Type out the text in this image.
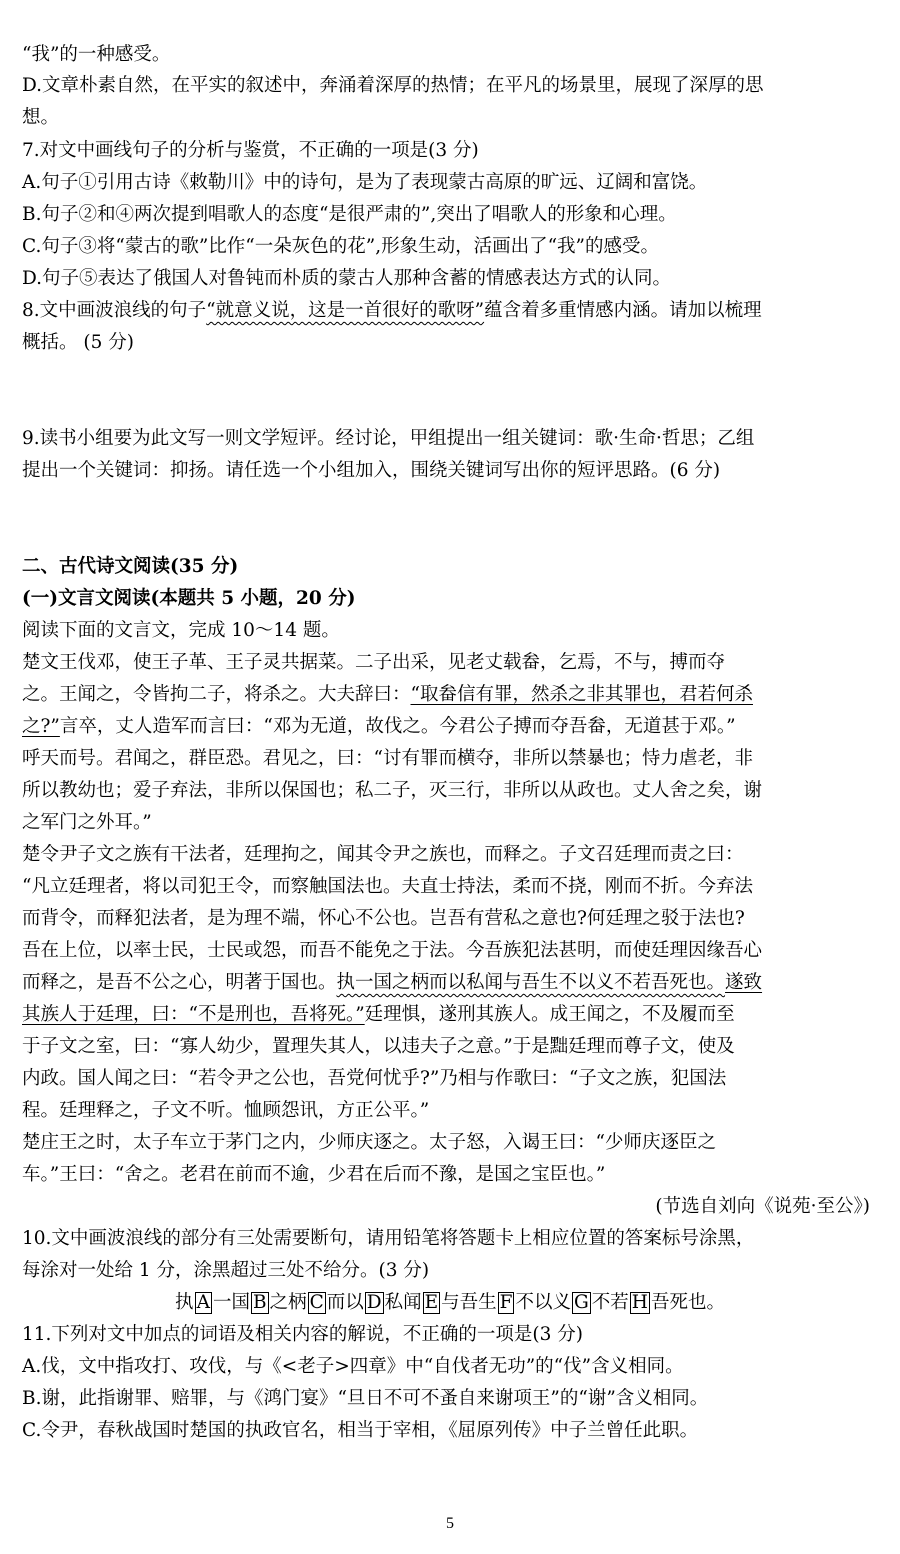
“我”的一种感受。
D.文章朴素自然，在平实的叙述中，奔涌着深厚的热情；在平凡的场景里，展现了深厚的思
想。
7.对文中画线句子的分析与鉴赏，不正确的一项是(3 分)
A.句子①引用古诗《敕勒川》中的诗句，是为了表现蒙古高原的旷远、辽阔和富饶。
B.句子②和④两次提到唱歌人的态度“是很严肃的”,突出了唱歌人的形象和心理。
C.句子③将“蒙古的歌”比作“一朵灰色的花”,形象生动，活画出了“我”的感受。
D.句子⑤表达了俄国人对鲁钝而朴质的蒙古人那种含蓄的情感表达方式的认同。
8.文中画波浪线的句子“就意义说，这是一首很好的歌呀”蕴含着多重情感内涵。请加以梳理
概括。 (5 分)
9.读书小组要为此文写一则文学短评。经讨论，甲组提出一组关键词：歌·生命·哲思；乙组
提出一个关键词：抑扬。请任选一个小组加入，围绕关键词写出你的短评思路。(6 分)
二、古代诗文阅读(35 分)
(一)文言文阅读(本题共 5 小题，20 分)
阅读下面的文言文，完成 10～14 题。
楚文王伐邓，使王子革、王子灵共据菜。二子出采，见老丈载畚，乞焉，不与，搏而夺
之。王闻之，令皆拘二子，将杀之。大夫辞曰：“取畚信有罪，然杀之非其罪也，君若何杀
之?”言卒，丈人造军而言曰：“邓为无道，故伐之。今君公子搏而夺吾畚，无道甚于邓。”
呼天而号。君闻之，群臣恐。君见之，曰：“讨有罪而横夺，非所以禁暴也；恃力虐老，非
所以教幼也；爱子弃法，非所以保国也；私二子，灭三行，非所以从政也。丈人舍之矣，谢
之军门之外耳。”
楚令尹子文之族有干法者，廷理拘之，闻其令尹之族也，而释之。子文召廷理而责之曰：
“凡立廷理者，将以司犯王令，而察触国法也。夫直士持法，柔而不挠，刚而不折。今弃法
而背令，而释犯法者，是为理不端，怀心不公也。岂吾有营私之意也?何廷理之驳于法也?
吾在上位，以率士民，士民或怨，而吾不能免之于法。今吾族犯法甚明，而使廷理因缘吾心
而释之，是吾不公之心，明著于国也。执一国之柄而以私闻与吾生不以义不若吾死也。遂致
其族人于廷理，曰：“不是刑也，吾将死。”廷理惧，遂刑其族人。成王闻之，不及履而至
于子文之室，曰：“寡人幼少，置理失其人，以违夫子之意。”于是黜廷理而尊子文，使及
内政。国人闻之曰：“若令尹之公也，吾党何忧乎?”乃相与作歌曰：“子文之族，犯国法
程。廷理释之，子文不听。恤顾怨讯，方正公平。”
楚庄王之时，太子车立于茅门之内，少师庆逐之。太子怒，入谒王曰：“少师庆逐臣之
车。”王曰：“舍之。老君在前而不逾，少君在后而不豫，是国之宝臣也。”
(节选自刘向《说苑·至公》)
10.文中画波浪线的部分有三处需要断句，请用铅笔将答题卡上相应位置的答案标号涂黑，
每涂对一处给 1 分，涂黑超过三处不给分。(3 分)
执 A 一国 B 之柄 C 而以 D 私闻 E 与吾生 F 不以义 G 不若 H 吾死也。
11.下列对文中加点的词语及相关内容的解说，不正确的一项是(3 分)
A.伐，文中指攻打、攻伐，与《<老子>四章》中“自伐者无功”的“伐”含义相同。
B.谢，此指谢罪、赔罪，与《鸿门宴》“旦日不可不蚤自来谢项王”的“谢”含义相同。
C.令尹，春秋战国时楚国的执政官名，相当于宰相，《屈原列传》中子兰曾任此职。
5
